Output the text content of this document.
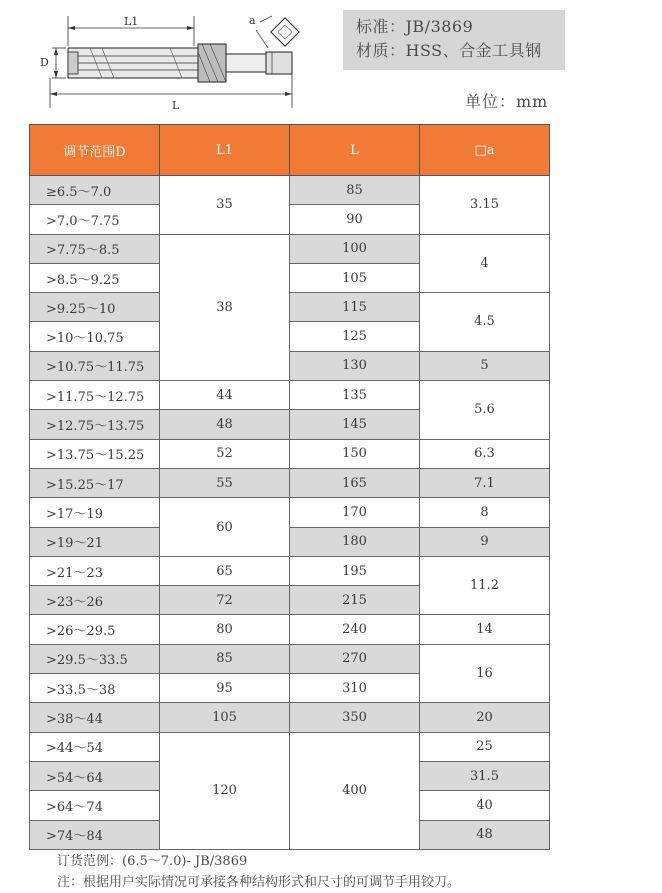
L1
D
L
a	标准：JB/3869
材质：HSS、合金工具钢
单位：mm
调节范围D	L1	L	□a
≥6.5～7.0	35	85	3.15
>7.0～7.75		90	
>7.75～8.5	38	100	4
>8.5～9.25		105	
>9.25～10		115	4.5
>10～10.75		125	
>10.75～11.75		130	5
>11.75～12.75	44	135	5.6
>12.75～13.75	48	145	
>13.75～15.25	52	150	6.3
>15.25～17	55	165	7.1
>17～19	60	170	8
>19～21		180	9
>21～23	65	195	11.2
>23～26	72	215	
>26～29.5	80	240	14
>29.5～33.5	85	270	16
>33.5～38	95	310	
>38～44	105	350	20
>44～54	120	400	25
>54～64			31.5
>64～74			40
>74～84			48
订货范例：(6.5～7.0)- JB/3869
注：根据用户实际情况可承接各种结构形式和尺寸的可调节手用铰刀。
